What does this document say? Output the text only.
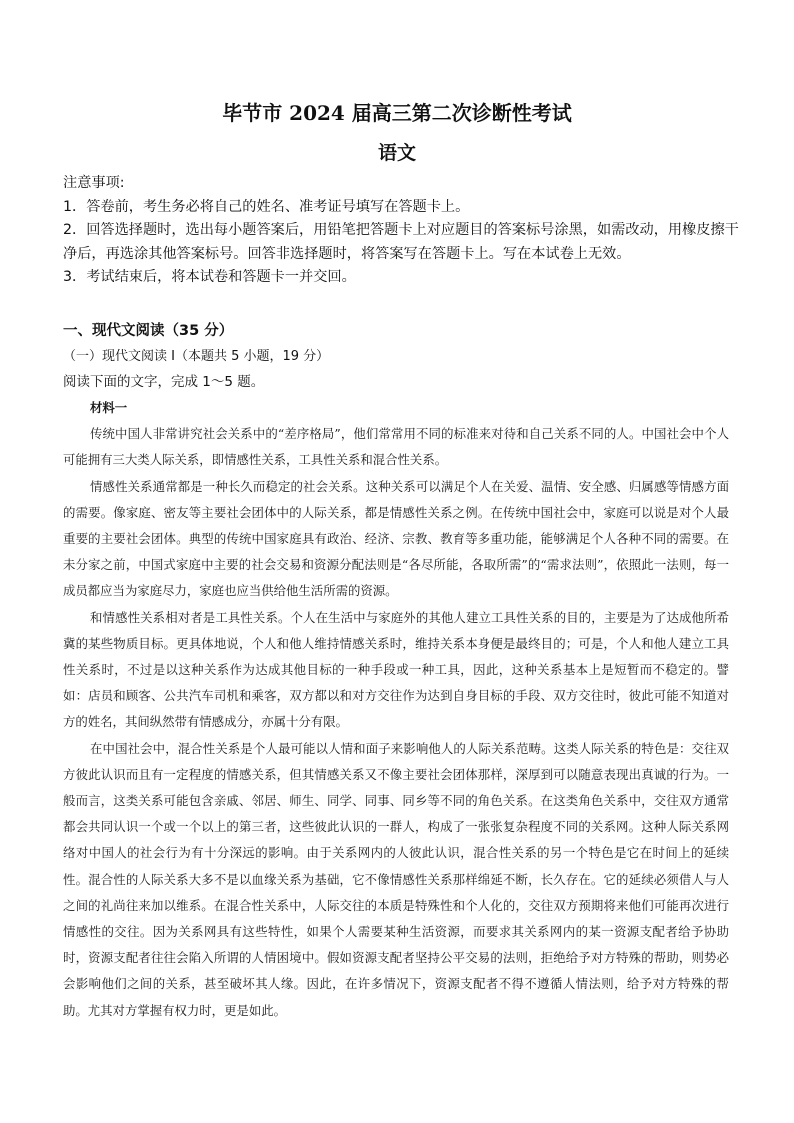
毕节市 2024 届高三第二次诊断性考试
语文

注意事项:

1．答卷前，考生务必将自己的姓名、准考证号填写在答题卡上。

2．回答选择题时，选出每小题答案后，用铅笔把答题卡上对应题目的答案标号涂黑，如需改动，用橡皮擦干净后，再选涂其他答案标号。回答非选择题时，将答案写在答题卡上。写在本试卷上无效。

3．考试结束后，将本试卷和答题卡一并交回。

一、现代文阅读（35 分）
（一）现代文阅读 I（本题共 5 小题，19 分）
阅读下面的文字，完成 1～5 题。

材料一

传统中国人非常讲究社会关系中的“差序格局”，他们常常用不同的标准来对待和自己关系不同的人。中国社会中个人可能拥有三大类人际关系，即情感性关系，工具性关系和混合性关系。

情感性关系通常都是一种长久而稳定的社会关系。这种关系可以满足个人在关爱、温情、安全感、归属感等情感方面的需要。像家庭、密友等主要社会团体中的人际关系，都是情感性关系之例。在传统中国社会中，家庭可以说是对个人最重要的主要社会团体。典型的传统中国家庭具有政治、经济、宗教、教育等多重功能，能够满足个人各种不同的需要。在未分家之前，中国式家庭中主要的社会交易和资源分配法则是“各尽所能，各取所需”的“需求法则”，依照此一法则，每一成员都应当为家庭尽力，家庭也应当供给他生活所需的资源。

和情感性关系相对者是工具性关系。个人在生活中与家庭外的其他人建立工具性关系的目的，主要是为了达成他所希冀的某些物质目标。更具体地说，个人和他人维持情感关系时，维持关系本身便是最终目的；可是，个人和他人建立工具性关系时，不过是以这种关系作为达成其他目标的一种手段或一种工具，因此，这种关系基本上是短暂而不稳定的。譬如：店员和顾客、公共汽车司机和乘客，双方都以和对方交往作为达到自身目标的手段、双方交往时，彼此可能不知道对方的姓名，其间纵然带有情感成分，亦属十分有限。

在中国社会中，混合性关系是个人最可能以人情和面子来影响他人的人际关系范畴。这类人际关系的特色是：交往双方彼此认识而且有一定程度的情感关系，但其情感关系又不像主要社会团体那样，深厚到可以随意表现出真诚的行为。一般而言，这类关系可能包含亲戚、邻居、师生、同学、同事、同乡等不同的角色关系。在这类角色关系中，交往双方通常都会共同认识一个或一个以上的第三者，这些彼此认识的一群人，构成了一张张复杂程度不同的关系网。这种人际关系网络对中国人的社会行为有十分深远的影响。由于关系网内的人彼此认识，混合性关系的另一个特色是它在时间上的延续性。混合性的人际关系大多不是以血缘关系为基础，它不像情感性关系那样绵延不断，长久存在。它的延续必须借人与人之间的礼尚往来加以维系。在混合性关系中，人际交往的本质是特殊性和个人化的，交往双方预期将来他们可能再次进行情感性的交往。因为关系网具有这些特性，如果个人需要某种生活资源，而要求其关系网内的某一资源支配者给予协助时，资源支配者往往会陷入所谓的人情困境中。假如资源支配者坚持公平交易的法则，拒绝给予对方特殊的帮助，则势必会影响他们之间的关系，甚至破坏其人缘。因此，在许多情况下，资源支配者不得不遵循人情法则，给予对方特殊的帮助。尤其对方掌握有权力时，更是如此。
